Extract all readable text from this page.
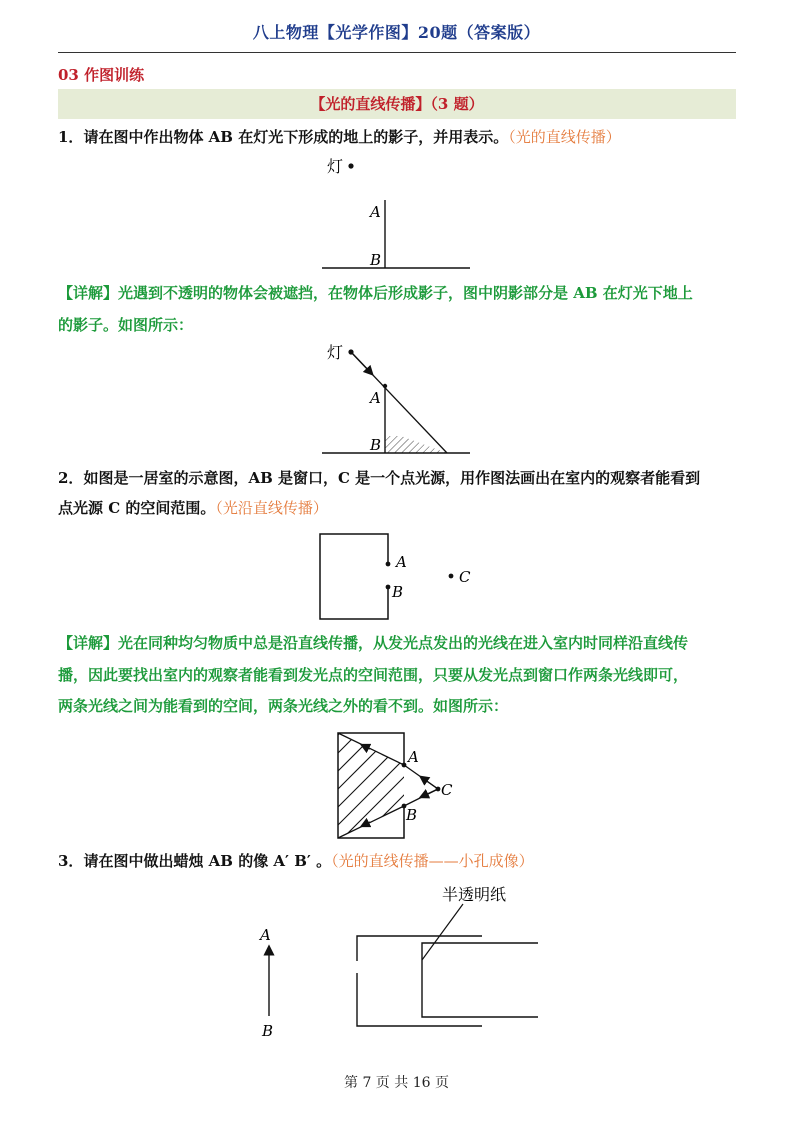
八上物理【光学作图】20题（答案版）
03 作图训练
【光的直线传播】（3 题）
1．请在图中作出物体 AB 在灯光下形成的地上的影子，并用表示。（光的直线传播）
灯
A
B
【详解】光遇到不透明的物体会被遮挡，在物体后形成影子，图中阴影部分是 AB 在灯光下地上
的影子。如图所示：
灯
A
B
2．如图是一居室的示意图，AB 是窗口，C 是一个点光源，用作图法画出在室内的观察者能看到
点光源 C 的空间范围。（光沿直线传播）
A
B
C
【详解】光在同种均匀物质中总是沿直线传播，从发光点发出的光线在进入室内时同样沿直线传
播，因此要找出室内的观察者能看到发光点的空间范围，只要从发光点到窗口作两条光线即可，
两条光线之间为能看到的空间，两条光线之外的看不到。如图所示：
A
B
C
3．请在图中做出蜡烛 AB 的像 A′ B′ 。（光的直线传播——小孔成像）
A
B
半透明纸
第 7 页 共 16 页
